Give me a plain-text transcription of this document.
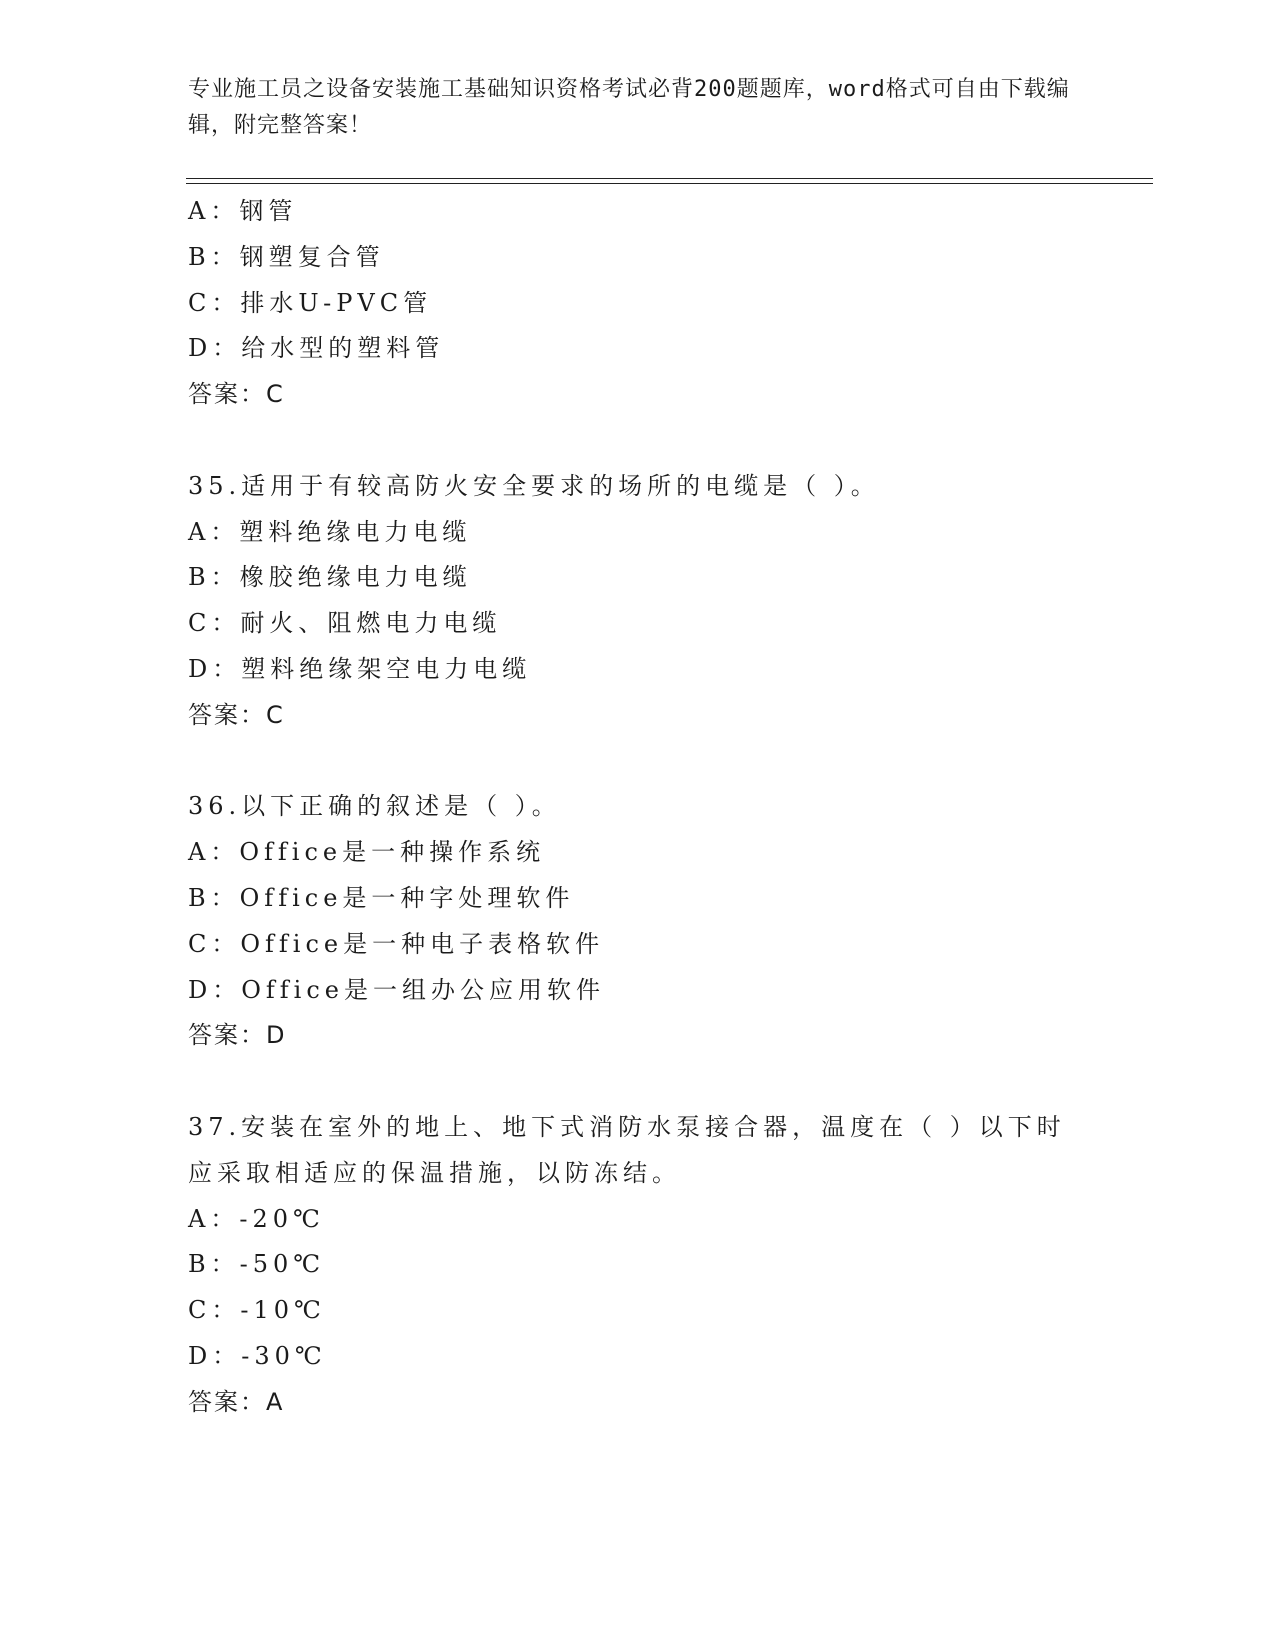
专业施工员之设备安装施工基础知识资格考试必背200题题库，word格式可自由下载编辑，附完整答案！
A：钢管
B：钢塑复合管
C：排水U-PVC管
D：给水型的塑料管
答案：C
35.适用于有较高防火安全要求的场所的电缆是（ ）。
A：塑料绝缘电力电缆
B：橡胶绝缘电力电缆
C：耐火、阻燃电力电缆
D：塑料绝缘架空电力电缆
答案：C
36.以下正确的叙述是（ ）。
A：Office是一种操作系统
B：Office是一种字处理软件
C：Office是一种电子表格软件
D：Office是一组办公应用软件
答案：D
37.安装在室外的地上、地下式消防水泵接合器，温度在（ ）以下时
应采取相适应的保温措施，以防冻结。
A：-20℃
B：-50℃
C：-10℃
D：-30℃
答案：A
